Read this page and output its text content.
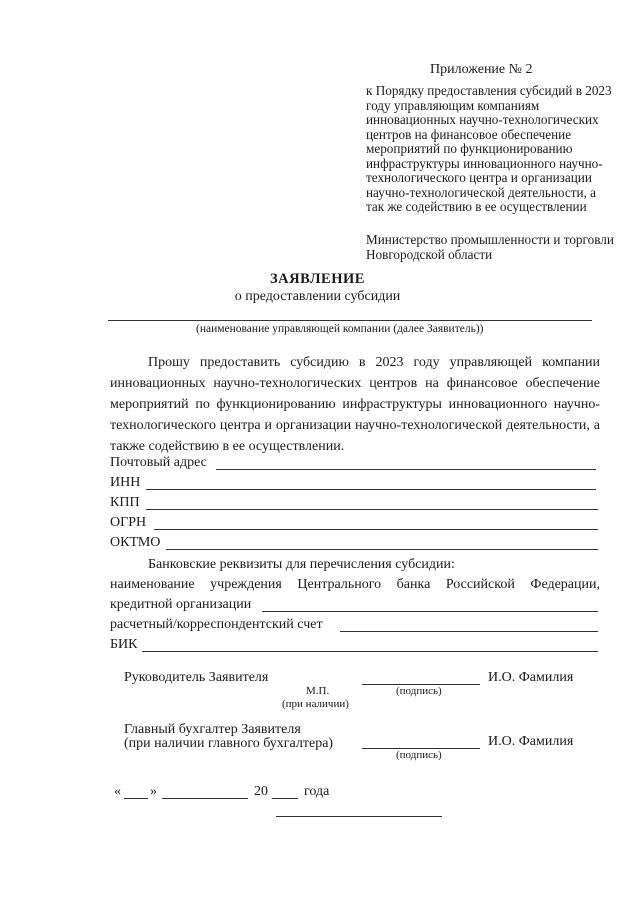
Приложение № 2
к Порядку предоставления субсидий в 2023 году управляющим компаниям инновационных научно-технологических центров на финансовое обеспечение мероприятий по функционированию инфраструктуры инновационного научно-технологического центра и организации научно-технологической деятельности, а так же содействию в ее осуществлении
Министерство промышленности и торговли Новгородской области
ЗАЯВЛЕНИЕ
о предоставлении субсидии
(наименование управляющей компании (далее Заявитель))

Прошу предоставить субсидию в 2023 году управляющей компании инновационных научно-технологических центров на финансовое обеспечение мероприятий по функционированию инфраструктуры инновационного научно-технологического центра и организации научно-технологической деятельности, а также содействию в ее осуществлении.

Почтовый адрес
ИНН
КПП
ОГРН
ОКТМО
Банковские реквизиты для перечисления субсидии:
наименование учреждения Центрального банка Российской Федерации,
кредитной организации
расчетный/корреспондентский счет
БИК
Руководитель Заявителя	И.О. Фамилия
М.П.	(подпись)
(при наличии)
Главный бухгалтер Заявителя
(при наличии главного бухгалтера)	И.О. Фамилия
(подпись)
« »	20	года
